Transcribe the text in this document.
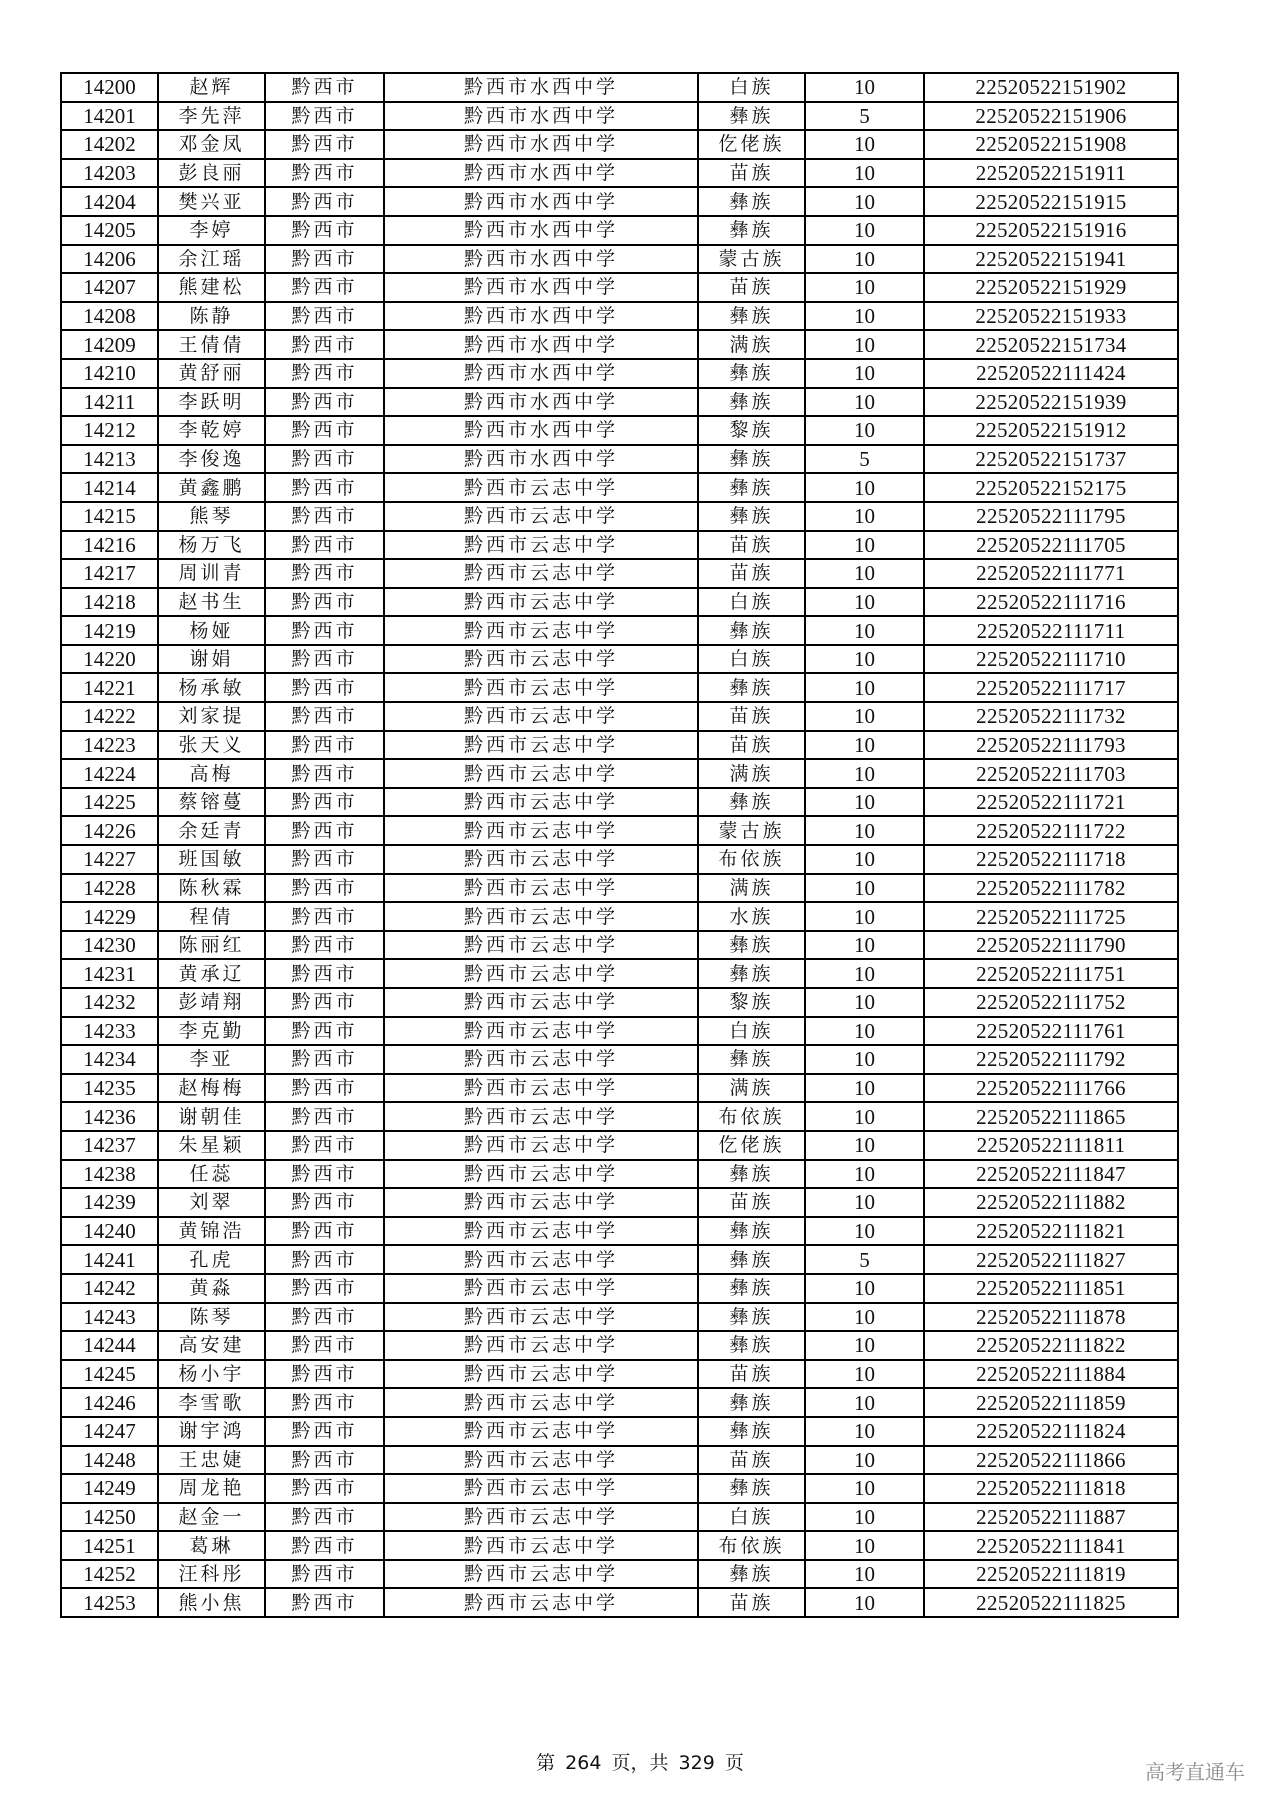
14200	赵辉	黔西市	黔西市水西中学	白族	10	22520522151902
14201	李先萍	黔西市	黔西市水西中学	彝族	5	22520522151906
14202	邓金凤	黔西市	黔西市水西中学	仡佬族	10	22520522151908
14203	彭良丽	黔西市	黔西市水西中学	苗族	10	22520522151911
14204	樊兴亚	黔西市	黔西市水西中学	彝族	10	22520522151915
14205	李婷	黔西市	黔西市水西中学	彝族	10	22520522151916
14206	余江瑶	黔西市	黔西市水西中学	蒙古族	10	22520522151941
14207	熊建松	黔西市	黔西市水西中学	苗族	10	22520522151929
14208	陈静	黔西市	黔西市水西中学	彝族	10	22520522151933
14209	王倩倩	黔西市	黔西市水西中学	满族	10	22520522151734
14210	黄舒丽	黔西市	黔西市水西中学	彝族	10	22520522111424
14211	李跃明	黔西市	黔西市水西中学	彝族	10	22520522151939
14212	李乾婷	黔西市	黔西市水西中学	黎族	10	22520522151912
14213	李俊逸	黔西市	黔西市水西中学	彝族	5	22520522151737
14214	黄鑫鹏	黔西市	黔西市云志中学	彝族	10	22520522152175
14215	熊琴	黔西市	黔西市云志中学	彝族	10	22520522111795
14216	杨万飞	黔西市	黔西市云志中学	苗族	10	22520522111705
14217	周训青	黔西市	黔西市云志中学	苗族	10	22520522111771
14218	赵书生	黔西市	黔西市云志中学	白族	10	22520522111716
14219	杨娅	黔西市	黔西市云志中学	彝族	10	22520522111711
14220	谢娟	黔西市	黔西市云志中学	白族	10	22520522111710
14221	杨承敏	黔西市	黔西市云志中学	彝族	10	22520522111717
14222	刘家提	黔西市	黔西市云志中学	苗族	10	22520522111732
14223	张天义	黔西市	黔西市云志中学	苗族	10	22520522111793
14224	高梅	黔西市	黔西市云志中学	满族	10	22520522111703
14225	蔡镕蔓	黔西市	黔西市云志中学	彝族	10	22520522111721
14226	余廷青	黔西市	黔西市云志中学	蒙古族	10	22520522111722
14227	班国敏	黔西市	黔西市云志中学	布依族	10	22520522111718
14228	陈秋霖	黔西市	黔西市云志中学	满族	10	22520522111782
14229	程倩	黔西市	黔西市云志中学	水族	10	22520522111725
14230	陈丽红	黔西市	黔西市云志中学	彝族	10	22520522111790
14231	黄承辽	黔西市	黔西市云志中学	彝族	10	22520522111751
14232	彭靖翔	黔西市	黔西市云志中学	黎族	10	22520522111752
14233	李克勤	黔西市	黔西市云志中学	白族	10	22520522111761
14234	李亚	黔西市	黔西市云志中学	彝族	10	22520522111792
14235	赵梅梅	黔西市	黔西市云志中学	满族	10	22520522111766
14236	谢朝佳	黔西市	黔西市云志中学	布依族	10	22520522111865
14237	朱星颖	黔西市	黔西市云志中学	仡佬族	10	22520522111811
14238	任蕊	黔西市	黔西市云志中学	彝族	10	22520522111847
14239	刘翠	黔西市	黔西市云志中学	苗族	10	22520522111882
14240	黄锦浩	黔西市	黔西市云志中学	彝族	10	22520522111821
14241	孔虎	黔西市	黔西市云志中学	彝族	5	22520522111827
14242	黄淼	黔西市	黔西市云志中学	彝族	10	22520522111851
14243	陈琴	黔西市	黔西市云志中学	彝族	10	22520522111878
14244	高安建	黔西市	黔西市云志中学	彝族	10	22520522111822
14245	杨小宇	黔西市	黔西市云志中学	苗族	10	22520522111884
14246	李雪歌	黔西市	黔西市云志中学	彝族	10	22520522111859
14247	谢宇鸿	黔西市	黔西市云志中学	彝族	10	22520522111824
14248	王忠婕	黔西市	黔西市云志中学	苗族	10	22520522111866
14249	周龙艳	黔西市	黔西市云志中学	彝族	10	22520522111818
14250	赵金一	黔西市	黔西市云志中学	白族	10	22520522111887
14251	葛琳	黔西市	黔西市云志中学	布依族	10	22520522111841
14252	汪科彤	黔西市	黔西市云志中学	彝族	10	22520522111819
14253	熊小焦	黔西市	黔西市云志中学	苗族	10	22520522111825
第 264 页，共 329 页	高考直通车
